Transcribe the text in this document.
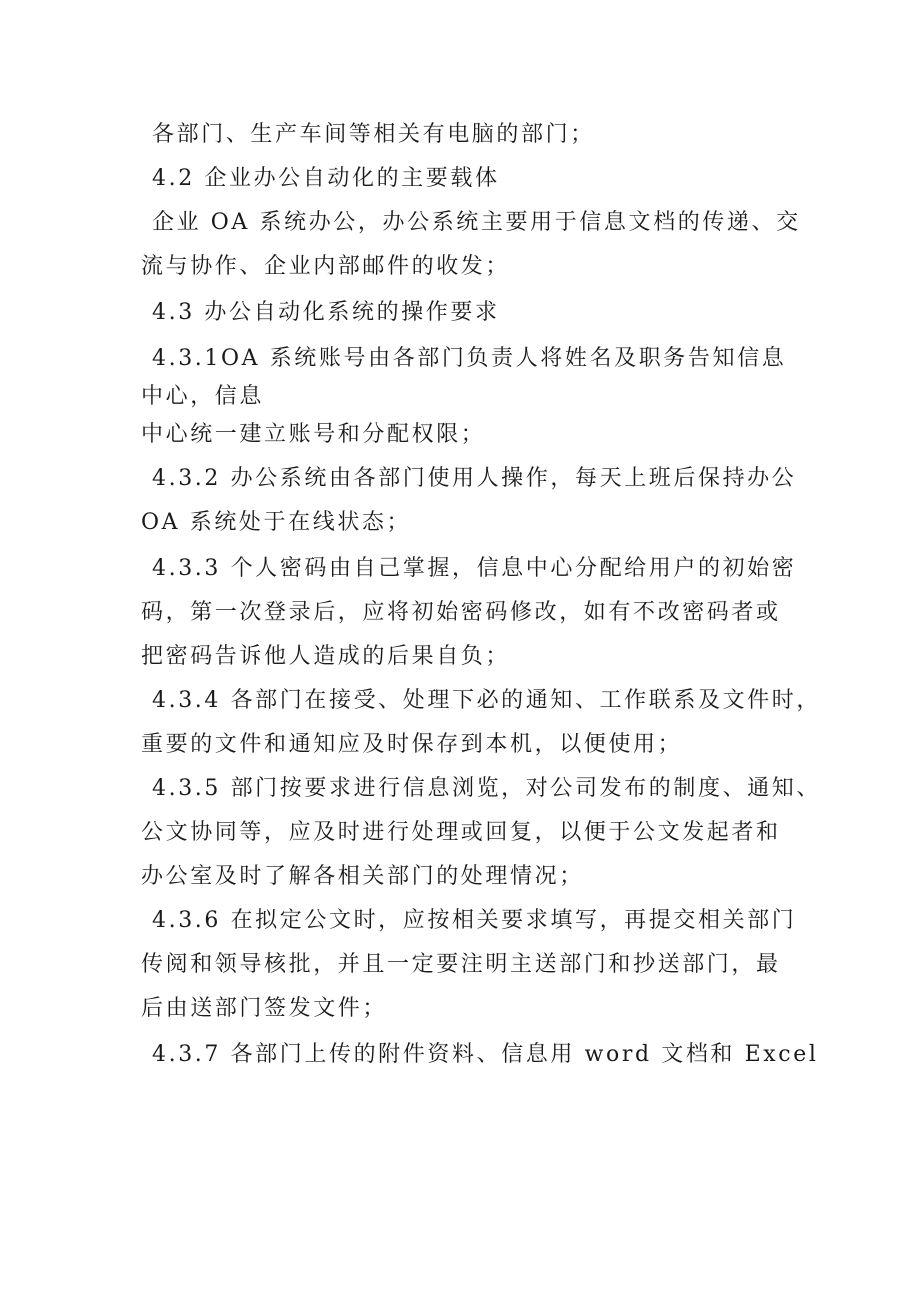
各部门、生产车间等相关有电脑的部门；
4.2 企业办公自动化的主要载体
企业 OA 系统办公，办公系统主要用于信息文档的传递、交
流与协作、企业内部邮件的收发；
4.3 办公自动化系统的操作要求
4.3.1OA 系统账号由各部门负责人将姓名及职务告知信息
中心，信息
中心统一建立账号和分配权限；
4.3.2 办公系统由各部门使用人操作，每天上班后保持办公
OA 系统处于在线状态；
4.3.3 个人密码由自己掌握，信息中心分配给用户的初始密
码，第一次登录后，应将初始密码修改，如有不改密码者或
把密码告诉他人造成的后果自负；
4.3.4 各部门在接受、处理下必的通知、工作联系及文件时，
重要的文件和通知应及时保存到本机，以便使用；
4.3.5 部门按要求进行信息浏览，对公司发布的制度、通知、
公文协同等，应及时进行处理或回复，以便于公文发起者和
办公室及时了解各相关部门的处理情况；
4.3.6 在拟定公文时，应按相关要求填写，再提交相关部门
传阅和领导核批，并且一定要注明主送部门和抄送部门，最
后由送部门签发文件；
4.3.7 各部门上传的附件资料、信息用 word 文档和 Excel
